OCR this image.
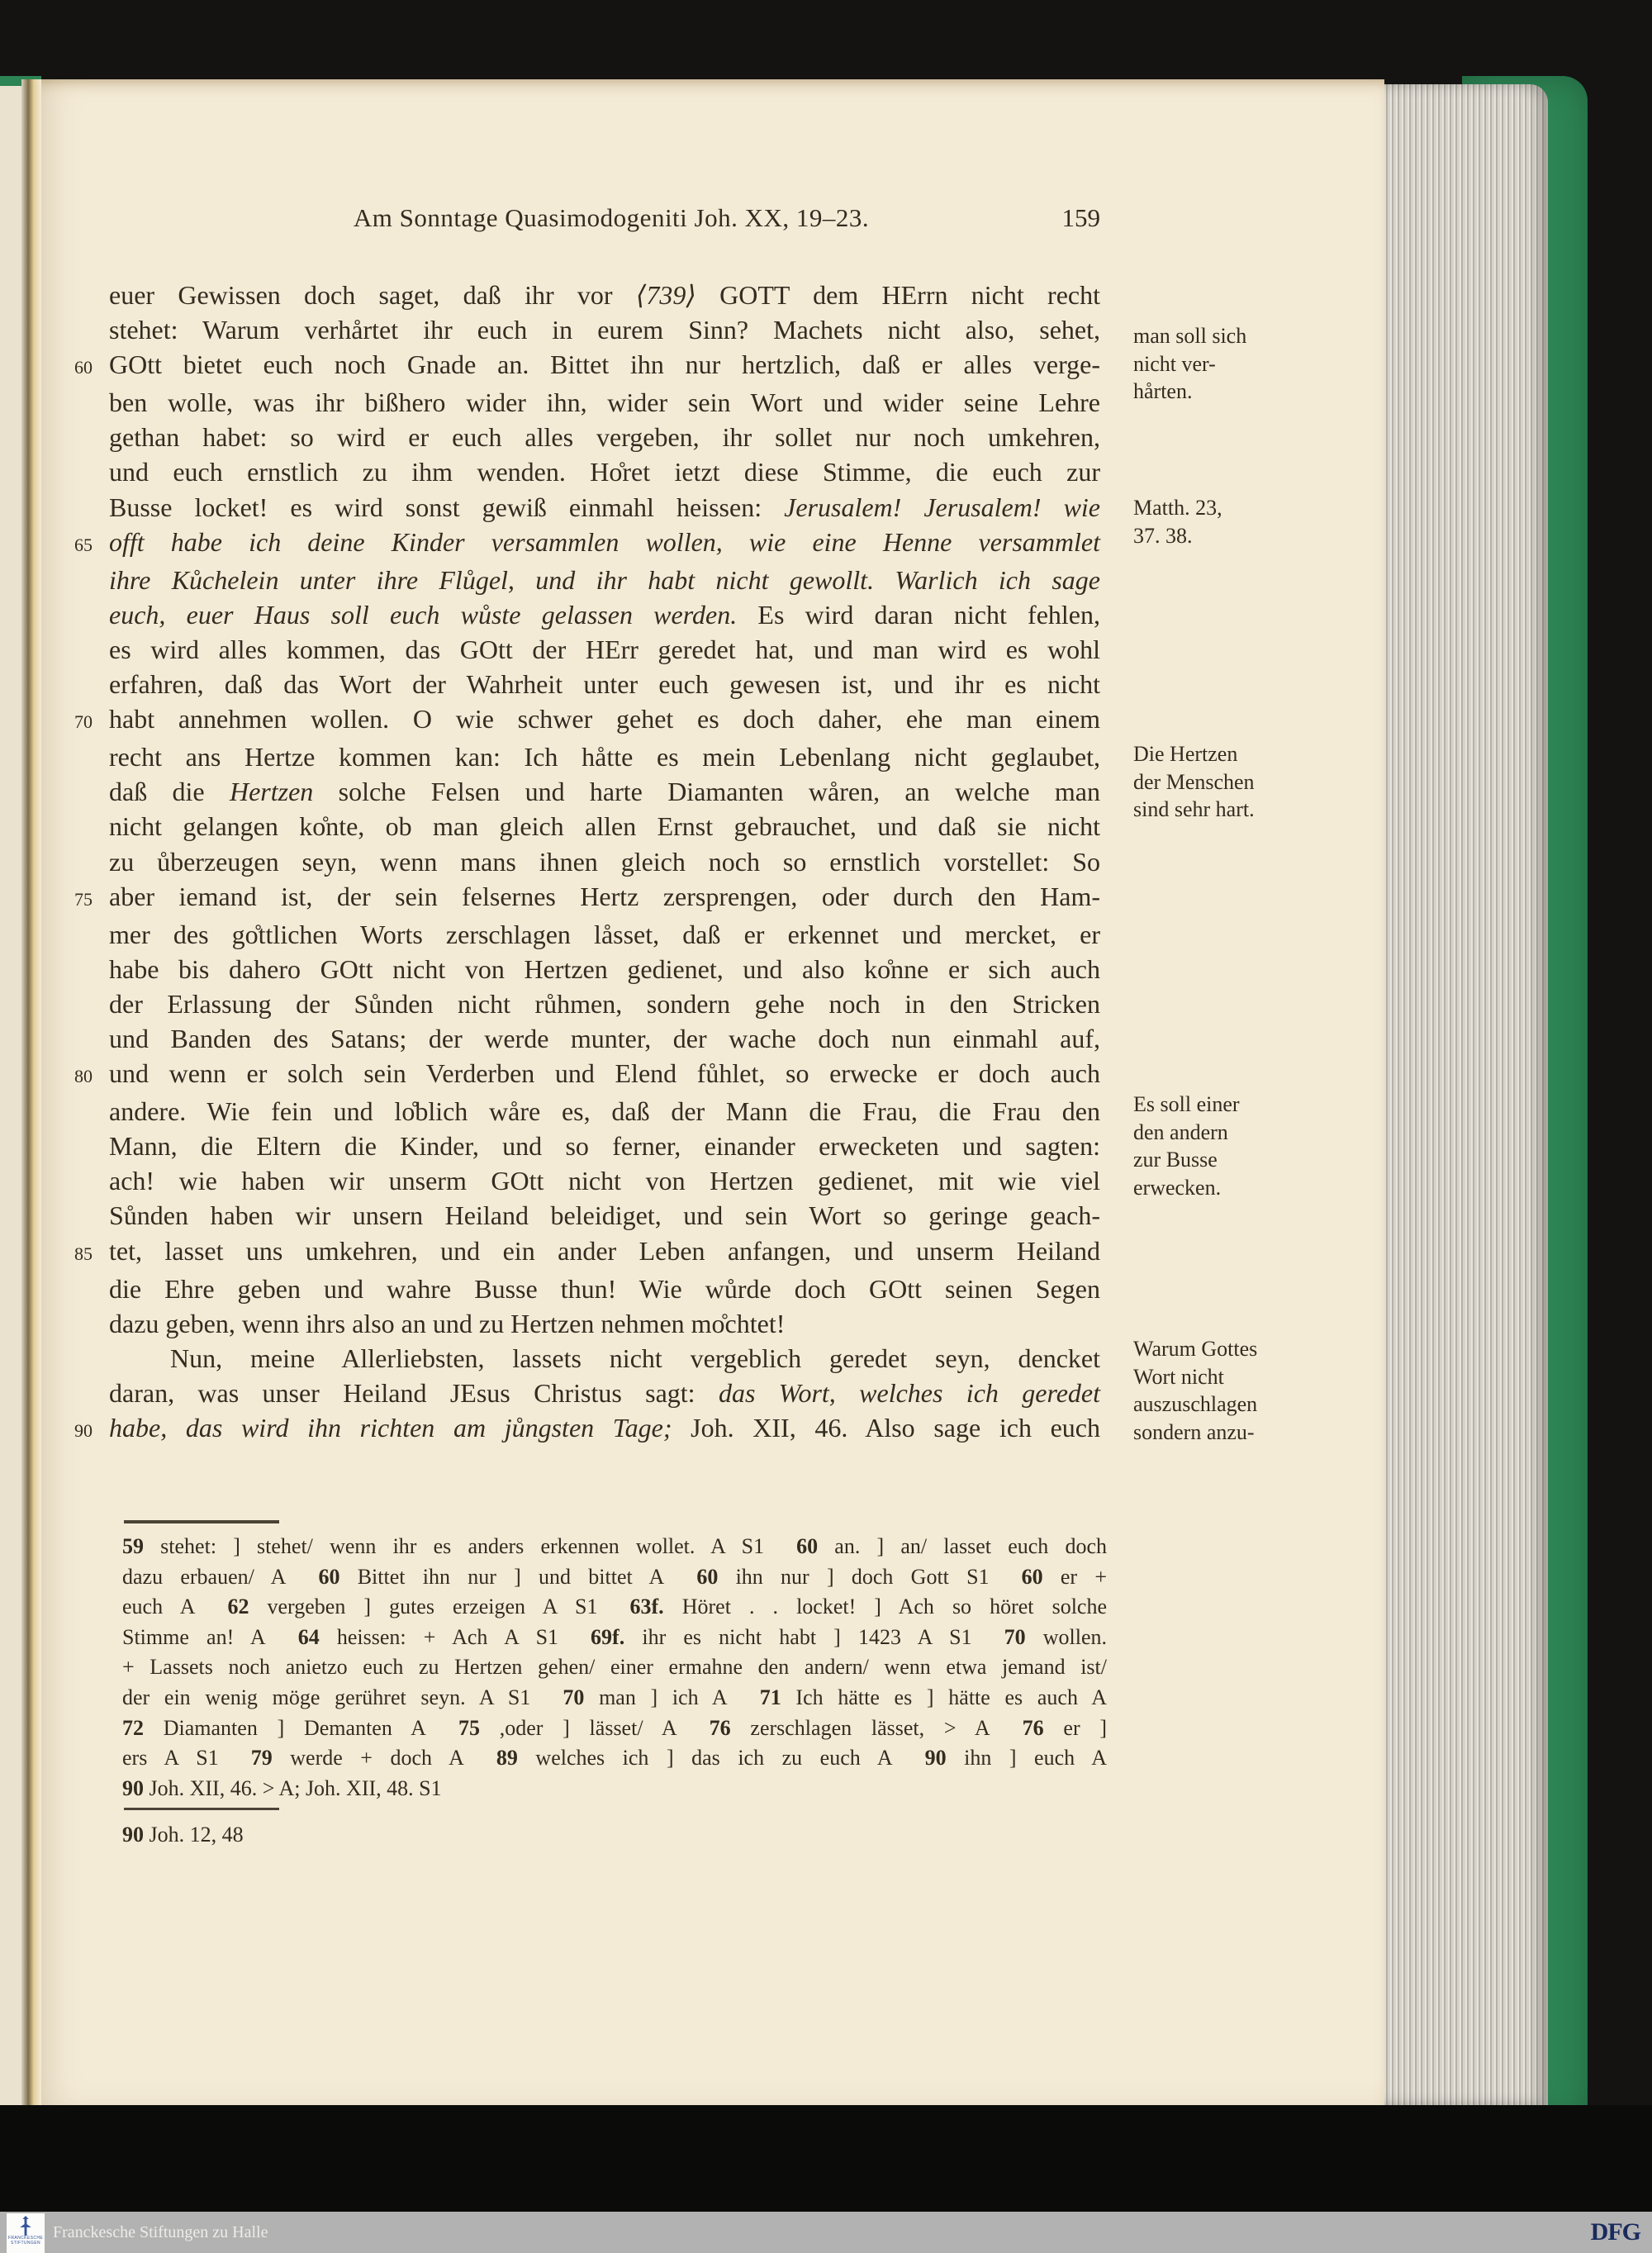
Am Sonntage Quasimodogeniti Joh. XX, 19–23.	159
euer Gewissen doch saget, daß ihr vor ⟨739⟩ GOTT dem HErrn nicht recht
stehet: Warum verhårtet ihr euch in eurem Sinn? Machets nicht also, sehet,
60 GOtt bietet euch noch Gnade an. Bittet ihn nur hertzlich, daß er alles verge-
ben wolle, was ihr bißhero wider ihn, wider sein Wort und wider seine Lehre
gethan habet: so wird er euch alles vergeben, ihr sollet nur noch umkehren,
und euch ernstlich zu ihm wenden. Ho̊ret ietzt diese Stimme, die euch zur
Busse locket! es wird sonst gewiß einmahl heissen: Jerusalem! Jerusalem! wie
65 offt habe ich deine Kinder versammlen wollen, wie eine Henne versammlet
ihre Kůchelein unter ihre Flůgel, und ihr habt nicht gewollt. Warlich ich sage
euch, euer Haus soll euch wůste gelassen werden. Es wird daran nicht fehlen,
es wird alles kommen, das GOtt der HErr geredet hat, und man wird es wohl
erfahren, daß das Wort der Wahrheit unter euch gewesen ist, und ihr es nicht
70 habt annehmen wollen. O wie schwer gehet es doch daher, ehe man einem
recht ans Hertze kommen kan: Ich håtte es mein Lebenlang nicht geglaubet,
daß die Hertzen solche Felsen und harte Diamanten wåren, an welche man
nicht gelangen ko̊nte, ob man gleich allen Ernst gebrauchet, und daß sie nicht
zu ůberzeugen seyn, wenn mans ihnen gleich noch so ernstlich vorstellet: So
75 aber iemand ist, der sein felsernes Hertz zersprengen, oder durch den Ham-
mer des go̊ttlichen Worts zerschlagen låsset, daß er erkennet und mercket, er
habe bis dahero GOtt nicht von Hertzen gedienet, und also ko̊nne er sich auch
der Erlassung der Sůnden nicht růhmen, sondern gehe noch in den Stricken
und Banden des Satans; der werde munter, der wache doch nun einmahl auf,
80 und wenn er solch sein Verderben und Elend fůhlet, so erwecke er doch auch
andere. Wie fein und lo̊blich wåre es, daß der Mann die Frau, die Frau den
Mann, die Eltern die Kinder, und so ferner, einander erwecketen und sagten:
ach! wie haben wir unserm GOtt nicht von Hertzen gedienet, mit wie viel
Sůnden haben wir unsern Heiland beleidiget, und sein Wort so geringe geach-
85 tet, lasset uns umkehren, und ein ander Leben anfangen, und unserm Heiland
die Ehre geben und wahre Busse thun! Wie wůrde doch GOtt seinen Segen
dazu geben, wenn ihrs also an und zu Hertzen nehmen mo̊chtet!
Nun, meine Allerliebsten, lassets nicht vergeblich geredet seyn, dencket
daran, was unser Heiland JEsus Christus sagt: das Wort, welches ich geredet
90 habe, das wird ihn richten am jůngsten Tage; Joh. XII, 46. Also sage ich euch
man soll sich
nicht ver-
hårten.
Matth. 23,
37. 38.
Die Hertzen
der Menschen
sind sehr hart.
Es soll einer
den andern
zur Busse
erwecken.
Warum Gottes
Wort nicht
auszuschlagen
sondern anzu-
59 stehet: ] stehet/ wenn ihr es anders erkennen wollet. A S1   60 an. ] an/ lasset euch doch
dazu erbauen/ A   60 Bittet ihn nur ] und bittet A   60 ihn nur ] doch Gott S1   60 er +
euch A   62 vergeben ] gutes erzeigen A S1   63f. Höret . . locket! ] Ach so höret solche
Stimme an! A   64 heissen: + Ach A S1   69f. ihr es nicht habt ] 1423 A S1   70 wollen.
+ Lassets noch anietzo euch zu Hertzen gehen/ einer ermahne den andern/ wenn etwa jemand ist/
der ein wenig möge gerühret seyn. A S1   70 man ] ich A   71 Ich hätte es ] hätte es auch A
72 Diamanten ] Demanten A   75 ,oder ] lässet/ A   76 zerschlagen lässet, > A   76 er ]
ers A S1   79 werde + doch A   89 welches ich ] das ich zu euch A   90 ihn ] euch A
90 Joh. XII, 46. > A; Joh. XII, 48. S1
90 Joh. 12, 48
FRANCKESCHE
STIFTUNGEN
Franckesche Stiftungen zu Halle	DFG
